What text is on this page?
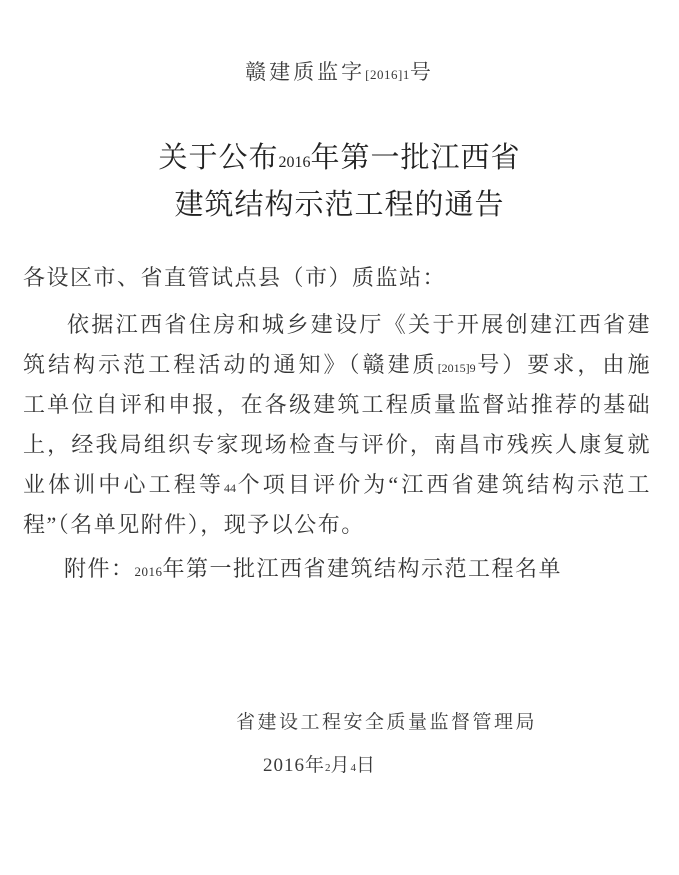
赣建质监字[2016]1号
关于公布2016年第一批江西省
建筑结构示范工程的通告
各设区市、省直管试点县（市）质监站：
依据江西省住房和城乡建设厅《关于开展创建江西省建
筑结构示范工程活动的通知》（赣建质[2015]9号）要求，由施
工单位自评和申报，在各级建筑工程质量监督站推荐的基础
上，经我局组织专家现场检查与评价，南昌市残疾人康复就
业体训中心工程等44个项目评价为“江西省建筑结构示范工
程”（名单见附件），现予以公布。
附件：2016年第一批江西省建筑结构示范工程名单
省建设工程安全质量监督管理局
2016年2月4日
